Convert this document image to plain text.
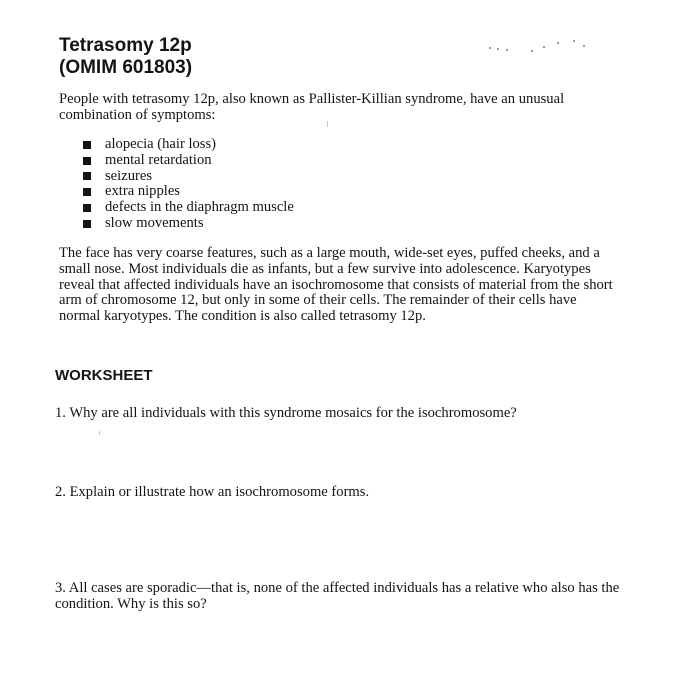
Tetrasomy 12p
(OMIM 601803)

People with tetrasomy 12p, also known as Pallister-Killian syndrome, have an unusual combination of symptoms:

alopecia (hair loss)
mental retardation
seizures
extra nipples
defects in the diaphragm muscle
slow movements

The face has very coarse features, such as a large mouth, wide-set eyes, puffed cheeks, and a small nose. Most individuals die as infants, but a few survive into adolescence. Karyotypes reveal that affected individuals have an isochromosome that consists of material from the short arm of chromosome 12, but only in some of their cells. The remainder of their cells have normal karyotypes. The condition is also called tetrasomy 12p.

WORKSHEET

1. Why are all individuals with this syndrome mosaics for the isochromosome?

2. Explain or illustrate how an isochromosome forms.

3. All cases are sporadic—that is, none of the affected individuals has a relative who also has the condition. Why is this so?
